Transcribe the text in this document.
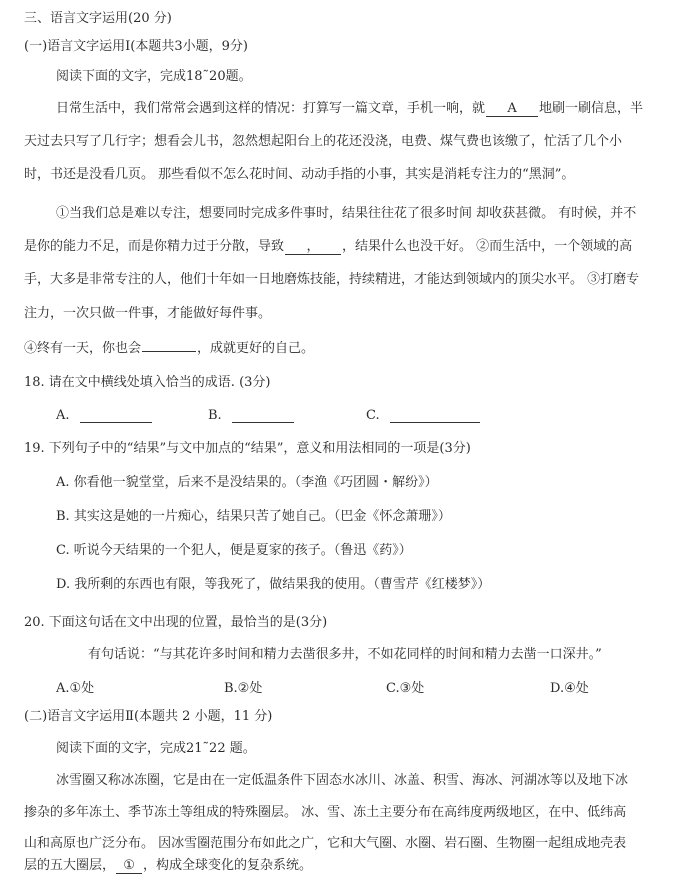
三、语言文字运用(20 分)
(一)语言文字运用Ⅰ(本题共3小题，9分)
阅读下面的文字，完成18˜20题。
日常生活中，我们常常会遇到这样的情况：打算写一篇文章，手机一响，就 A 地刷一刷信息，半
天过去只写了几行字；想看会儿书，忽然想起阳台上的花还没浇，电费、煤气费也该缴了，忙活了几个小
时，书还是没看几页。 那些看似不怎么花时间、动动手指的小事，其实是消耗专注力的“黑洞”。
①当我们总是难以专注，想要同时完成多件事时，结果往往花了很多时间 却收获甚微。 有时候，并不
是你的能力不足，而是你精力过于分散，导致 ， ，结果什么也没干好。 ②而生活中，一个领域的高
手，大多是非常专注的人，他们十年如一日地磨炼技能，持续精进，才能达到领域内的顶尖水平。 ③打磨专
注力，一次只做一件事，才能做好每件事。
④终有一天，你也会	，成就更好的自己。
18. 请在文中横线处填入恰当的成语. (3分)
A.	B.	C.
19. 下列句子中的“结果”与文中加点的“结果”，意义和用法相同的一项是(3分)
A. 你看他一貌堂堂，后来不是没结果的。（李渔《巧团圆・解纷》）
B. 其实这是她的一片痴心，结果只苦了她自己。（巴金《怀念萧珊》）
C. 听说今天结果的一个犯人，便是夏家的孩子。（鲁迅《药》）
D. 我所剩的东西也有限，等我死了，做结果我的使用。（曹雪芹《红楼梦》）
20. 下面这句话在文中出现的位置，最恰当的是(3分)
有句话说：“与其花许多时间和精力去凿很多井，不如花同样的时间和精力去凿一口深井。”
A.①处	B.②处	C.③处	D.④处
(二)语言文字运用Ⅱ(本题共 2 小题，11 分)
阅读下面的文字，完成21˜22 题。
冰雪圈又称冰冻圈，它是由在一定低温条件下固态水冰川、冰盖、积雪、海冰、河湖冰等以及地下冰
掺杂的多年冻土、季节冻土等组成的特殊圈层。 冰、雪、冻土主要分布在高纬度两级地区，在中、低纬高
山和高原也广泛分布。 因冰雪圈范围分布如此之广，它和大气圈、水圈、岩石圈、生物圈一起组成地壳表
层的五大圈层， ① ，构成全球变化的复杂系统。
